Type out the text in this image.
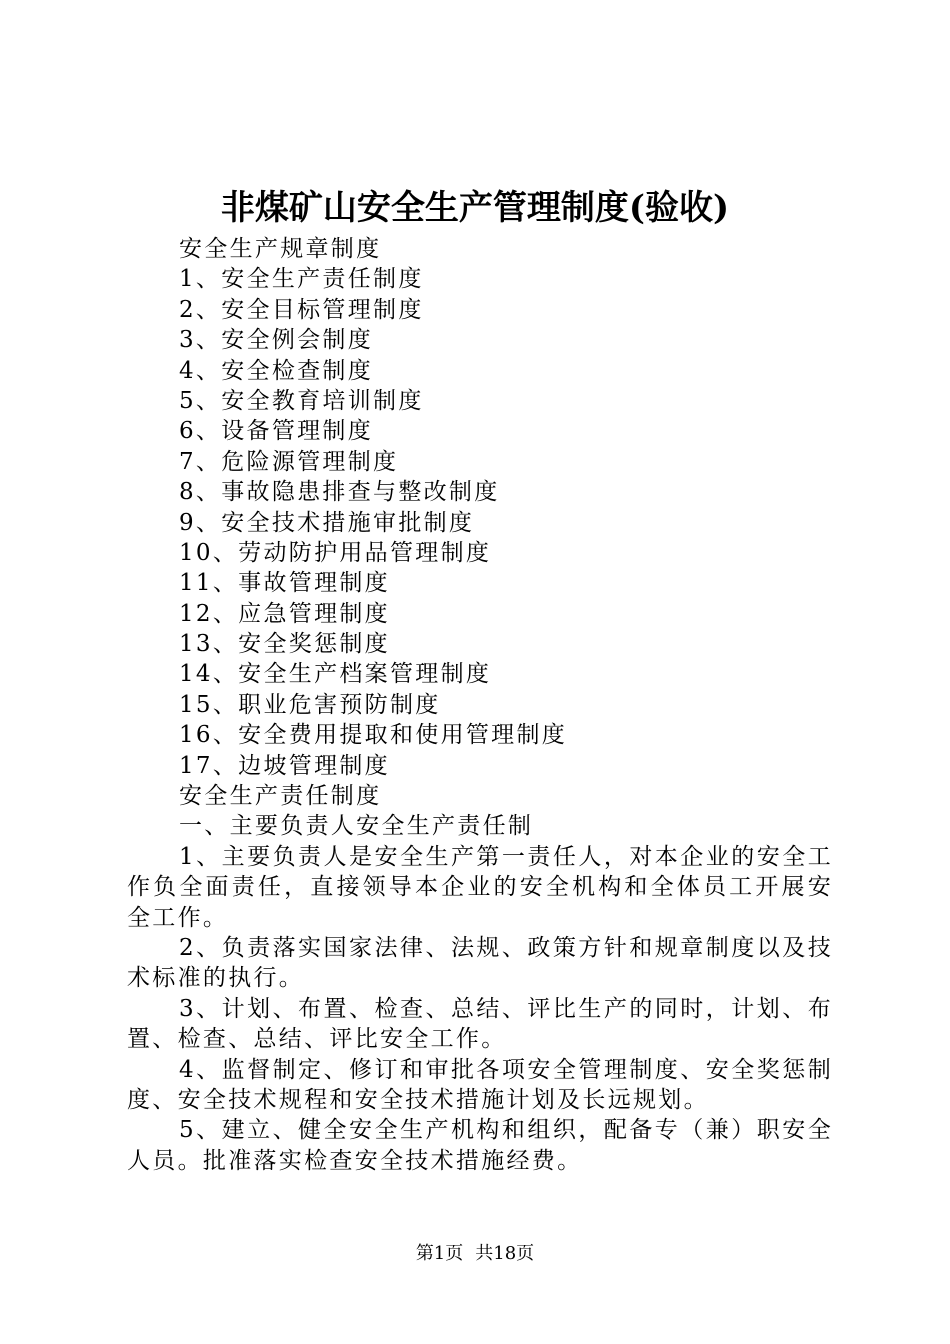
非煤矿山安全生产管理制度(验收)
安全生产规章制度
1、安全生产责任制度
2、安全目标管理制度
3、安全例会制度
4、安全检查制度
5、安全教育培训制度
6、设备管理制度
7、危险源管理制度
8、事故隐患排查与整改制度
9、安全技术措施审批制度
10、劳动防护用品管理制度
11、事故管理制度
12、应急管理制度
13、安全奖惩制度
14、安全生产档案管理制度
15、职业危害预防制度
16、安全费用提取和使用管理制度
17、边坡管理制度
安全生产责任制度
一、主要负责人安全生产责任制

1、主要负责人是安全生产第一责任人，对本企业的安全工作负全面责任，直接领导本企业的安全机构和全体员工开展安全工作。

2、负责落实国家法律、法规、政策方针和规章制度以及技术标准的执行。

3、计划、布置、检查、总结、评比生产的同时，计划、布置、检查、总结、评比安全工作。

4、监督制定、修订和审批各项安全管理制度、安全奖惩制度、安全技术规程和安全技术措施计划及长远规划。

5、建立、健全安全生产机构和组织，配备专（兼）职安全人员。批准落实检查安全技术措施经费。

第1页 共18页
